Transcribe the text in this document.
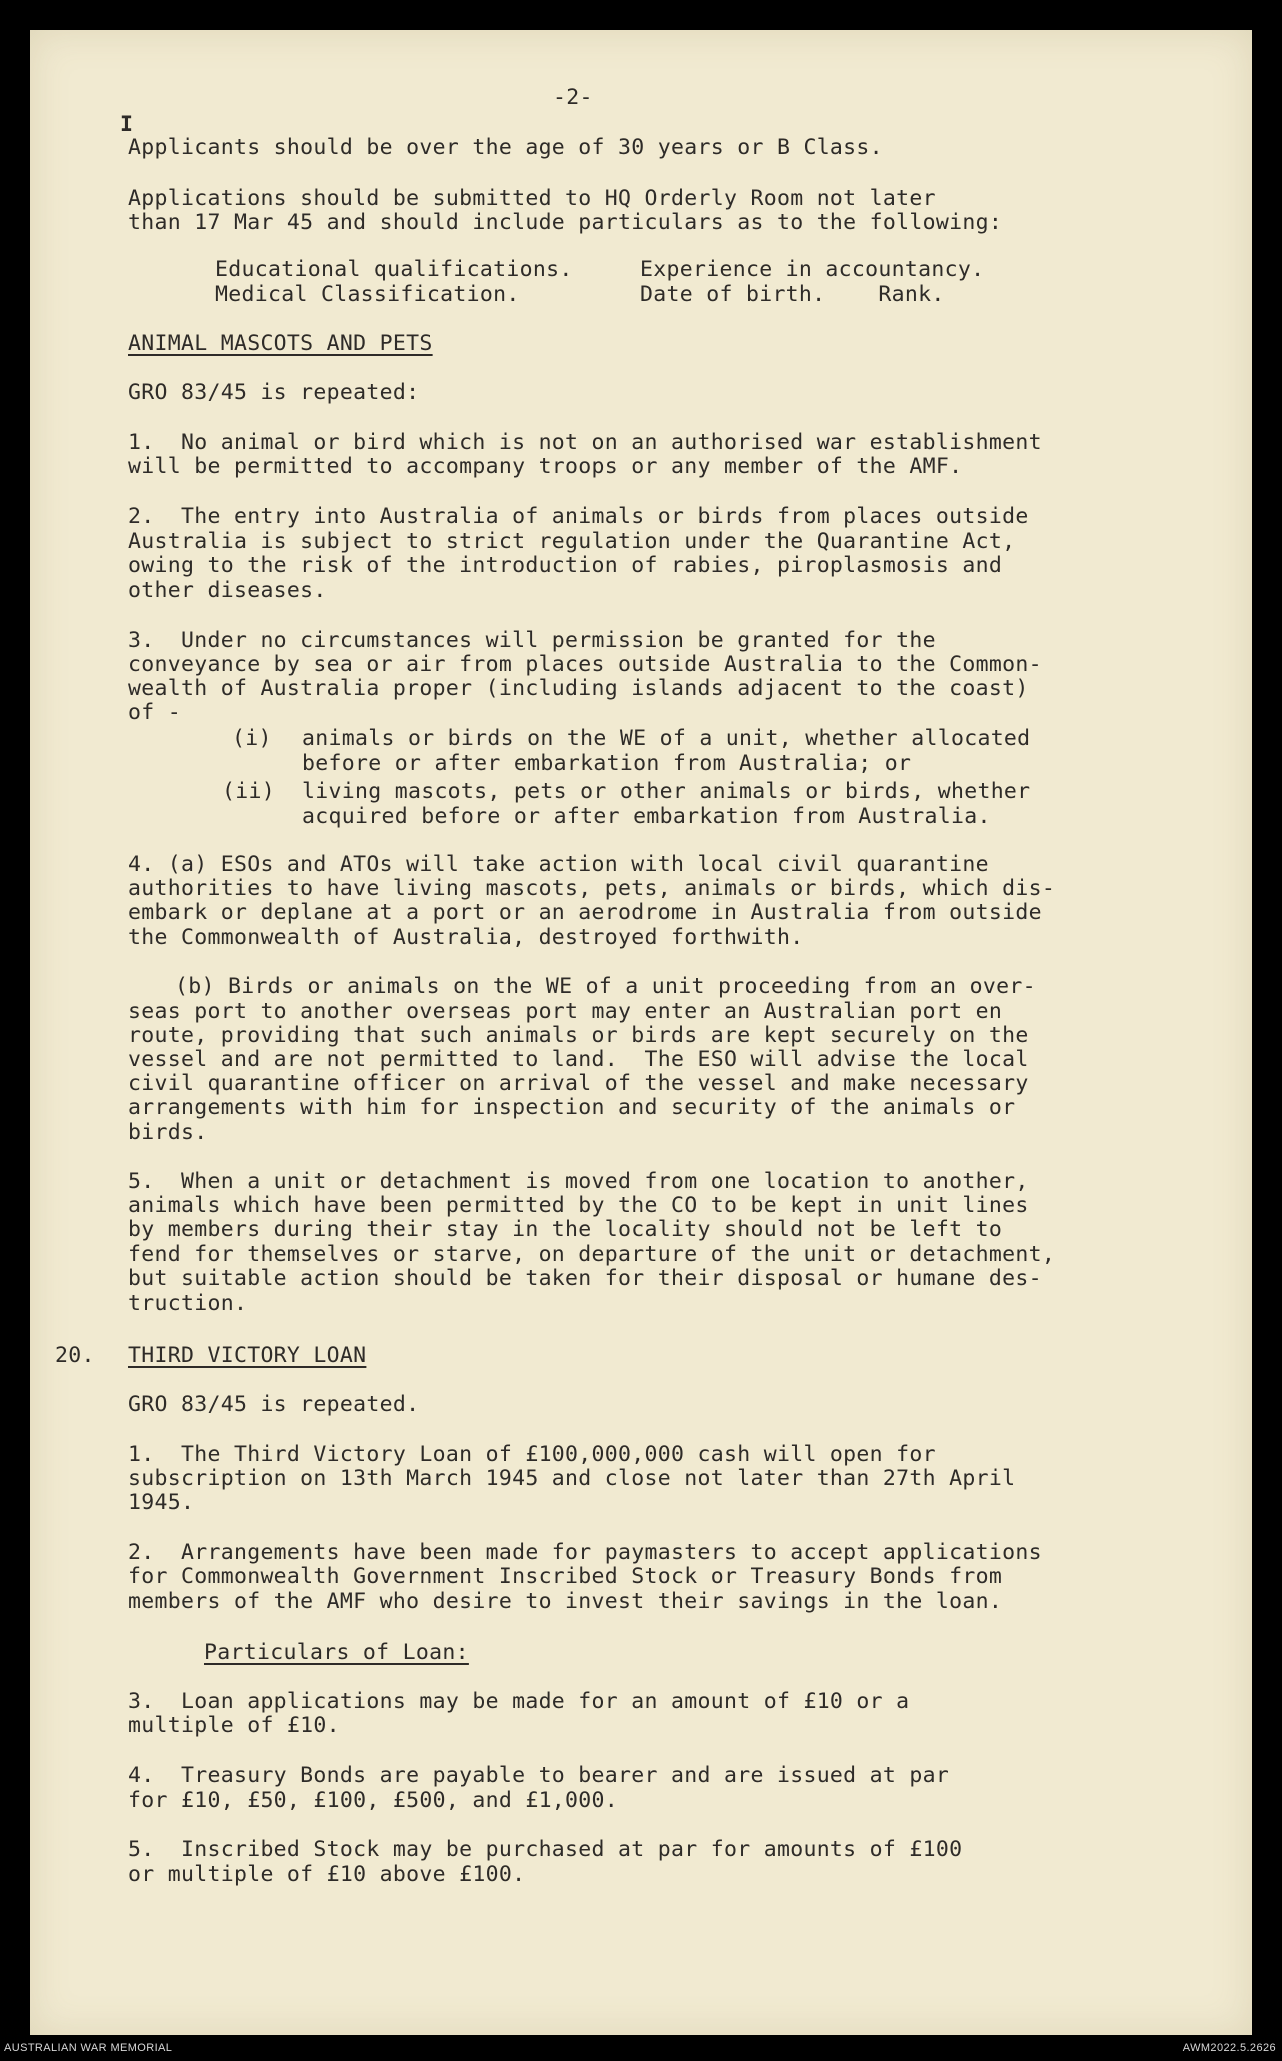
-2-

I

Applicants should be over the age of 30 years or B Class.

Applications should be submitted to HQ Orderly Room not later

than 17 Mar 45 and should include particulars as to the following:

Educational qualifications.

Medical Classification.

Experience in accountancy.

Date of birth.    Rank.

ANIMAL MASCOTS AND PETS

GRO 83/45 is repeated:

1.  No animal or bird which is not on an authorised war establishment

will be permitted to accompany troops or any member of the AMF.

2.  The entry into Australia of animals or birds from places outside

Australia is subject to strict regulation under the Quarantine Act,

owing to the risk of the introduction of rabies, piroplasmosis and

other diseases.

3.  Under no circumstances will permission be granted for the

conveyance by sea or air from places outside Australia to the Common-

wealth of Australia proper (including islands adjacent to the coast)

of -

(i) animals or birds on the WE of a unit, whether allocated

before or after embarkation from Australia; or

(ii) living mascots, pets or other animals or birds, whether

acquired before or after embarkation from Australia.

4. (a) ESOs and ATOs will take action with local civil quarantine

authorities to have living mascots, pets, animals or birds, which dis-

embark or deplane at a port or an aerodrome in Australia from outside

the Commonwealth of Australia, destroyed forthwith.

(b) Birds or animals on the WE of a unit proceeding from an over-

seas port to another overseas port may enter an Australian port en

route, providing that such animals or birds are kept securely on the

vessel and are not permitted to land.  The ESO will advise the local

civil quarantine officer on arrival of the vessel and make necessary

arrangements with him for inspection and security of the animals or

birds.

5.  When a unit or detachment is moved from one location to another,

animals which have been permitted by the CO to be kept in unit lines

by members during their stay in the locality should not be left to

fend for themselves or starve, on departure of the unit or detachment,

but suitable action should be taken for their disposal or humane des-

truction.

20. THIRD VICTORY LOAN

GRO 83/45 is repeated.

1.  The Third Victory Loan of £100,000,000 cash will open for

subscription on 13th March 1945 and close not later than 27th April

1945.

2.  Arrangements have been made for paymasters to accept applications

for Commonwealth Government Inscribed Stock or Treasury Bonds from

members of the AMF who desire to invest their savings in the loan.

Particulars of Loan:

3.  Loan applications may be made for an amount of £10 or a

multiple of £10.

4.  Treasury Bonds are payable to bearer and are issued at par

for £10, £50, £100, £500, and £1,000.

5.  Inscribed Stock may be purchased at par for amounts of £100

or multiple of £10 above £100.

AUSTRALIAN WAR MEMORIAL	AWM2022.5.2626
